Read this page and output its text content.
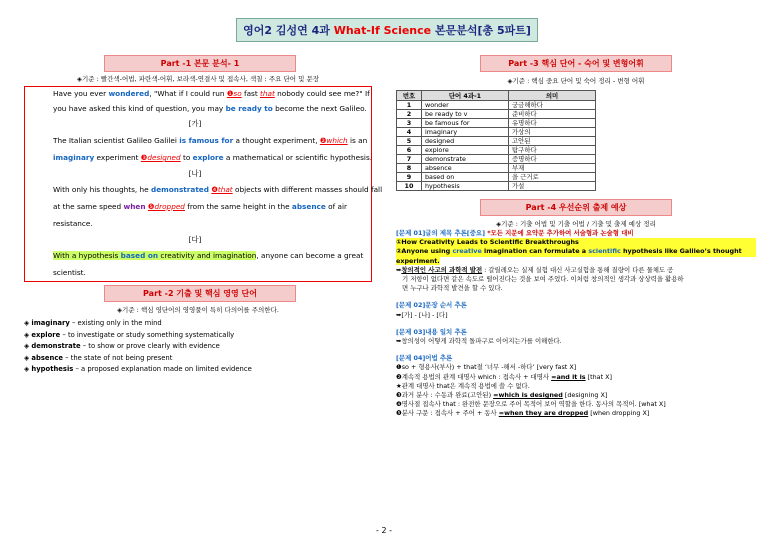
영어2 김성연 4과
What-If Science
본문분석[총 5파트]
Part -1 본문 분석- 1
◈기준 : 빨간색-어법, 파란색-어휘, 보라색-연결사 및 접속사, 색칠 : 주요 단어 및 문장
Have you ever wondered, "What if I could run ❶so fast that nobody could see me?" If
you have asked this kind of question, you may be ready to become the next Galileo.
[가]
The Italian scientist Galileo Galilei is famous for a thought experiment, ❷which is an
imaginary experiment ❸designed to explore a mathematical or scientific hypothesis.
[나]
With only his thoughts, he demonstrated ❹that objects with different masses should fall
at the same speed when ❺dropped from the same height in the absence of air
resistance.
[다]
With a hypothesis based on creativity and imagination, anyone can become a great
scientist.
Part -2 기출 및 핵심 영영 단어
◈기준 : 핵심 영단어의 영영풀이 특히 다의어를 주의한다.
◈ imaginary – existing only in the mind
◈ explore – to investigate or study something systematically
◈ demonstrate – to show or prove clearly with evidence
◈ absence – the state of not being present
◈ hypothesis – a proposed explanation made on limited evidence
Part -3 핵심 단어 - 숙어 및 변형어휘
◈기준 : 핵심 중요 단어 및 숙어 정리 - 변형 어휘
번호	단어 4과-1	의미
1	wonder	궁금해하다
2	be ready to v	준비하다
3	be famous for	유명하다
4	imaginary	가상의
5	designed	고안된
6	explore	탐구하다
7	demonstrate	증명하다
8	absence	부재
9	based on	을 근거로
10	hypothesis	가설
Part -4 우선순위 출제 예상
◈기준 : 기출 어법 및 기출 어법 / 기출 및 출제 예상 정리
[문제 01]글의 제목 추론[중요] *모든 지문에 요약문 추가하여 서술형과 논술형 대비
①How Creativity Leads to Scientific Breakthroughs
②Anyone using creative imagination can formulate a scientific hypothesis like Galileo’s thought
experiment.
➥창의적인 사고의 과학적 발전 : 갈릴레오는 실제 실험 대신 사고실험을 통해 질량이 다른 물체도 공
기 저항이 없다면 같은 속도로 떨어진다는 것을 보여 주었다. 이처럼 창의적인 생각과 상상력을 활용하
면 누구나 과학적 발견을 할 수 있다.
[문제 02]문장 순서 추론
➥[가] - [나] - [다]
[문제 03]내용 일치 추론
➥창의성이 어떻게 과학적 돌파구로 이어지는가를 이해한다.
[문제 04]어법 추론
❶so + 형용사(부사) + that절 ‘너무 -해서 -하다’ [very fast X]
❷계속적 용법의 관계 대명사 which : 접속사 + 대명사 =and it is [that X]
★관계 대명사 that은 계속적 용법에 쓸 수 없다.
❸과거 분사 : 수동과 완료(고안된) =which is designed [designing X]
❹명사절 접속사 that : 완전한 문장으로 주어 목적어 보어 역할을 한다. 동사의 목적어. [what X]
❺분사 구문 : 접속사 + 주어 + 동사 =when they are dropped [when dropping X]
- 2 -
